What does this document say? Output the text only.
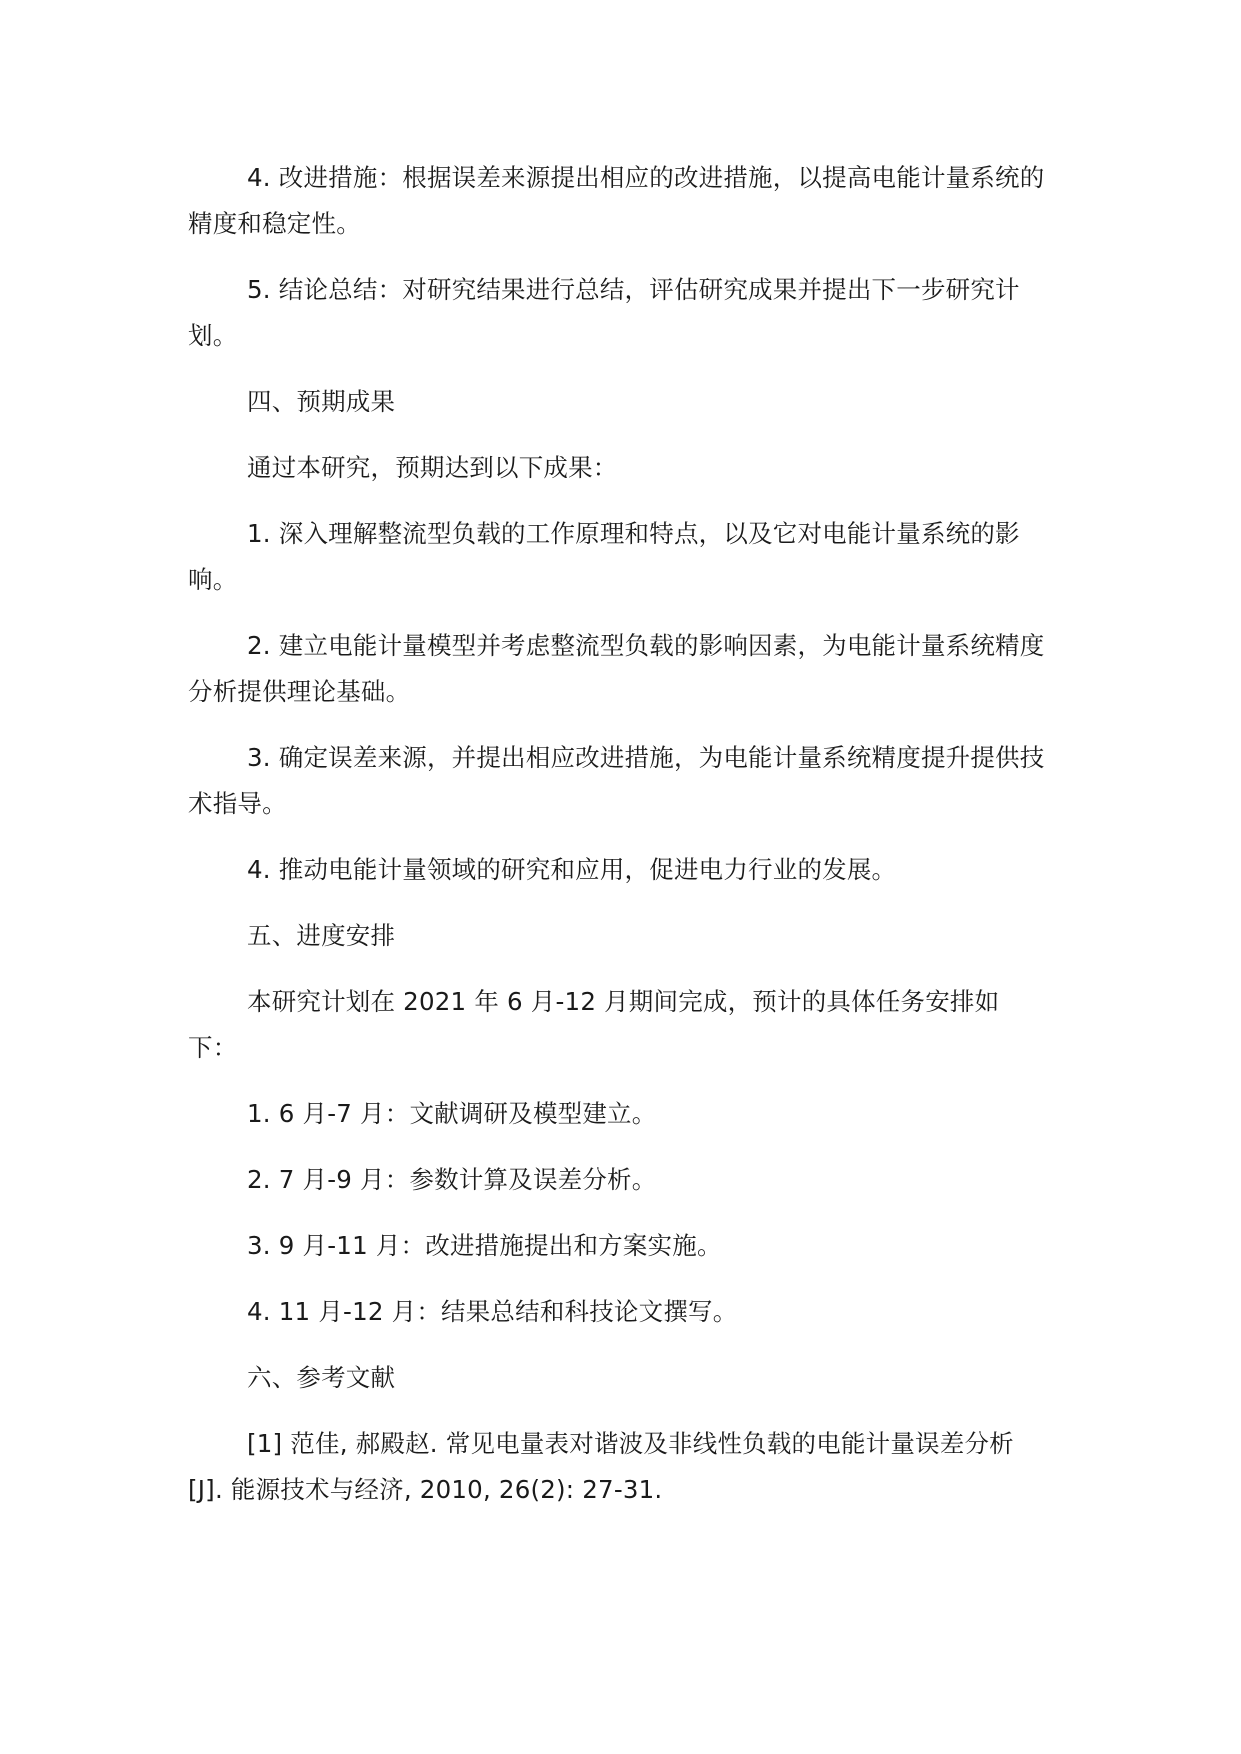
4. 改进措施：根据误差来源提出相应的改进措施，以提高电能计量系统的精度和稳定性。

5. 结论总结：对研究结果进行总结，评估研究成果并提出下一步研究计划。

四、预期成果

通过本研究，预期达到以下成果：

1. 深入理解整流型负载的工作原理和特点，以及它对电能计量系统的影响。

2. 建立电能计量模型并考虑整流型负载的影响因素，为电能计量系统精度分析提供理论基础。

3. 确定误差来源，并提出相应改进措施，为电能计量系统精度提升提供技术指导。

4. 推动电能计量领域的研究和应用，促进电力行业的发展。

五、进度安排

本研究计划在 2021 年 6 月-12 月期间完成，预计的具体任务安排如下：

1. 6 月-7 月：文献调研及模型建立。

2. 7 月-9 月：参数计算及误差分析。

3. 9 月-11 月：改进措施提出和方案实施。

4. 11 月-12 月：结果总结和科技论文撰写。

六、参考文献

[1] 范佳, 郝殿赵. 常见电量表对谐波及非线性负载的电能计量误差分析[J]. 能源技术与经济, 2010, 26(2): 27-31.
